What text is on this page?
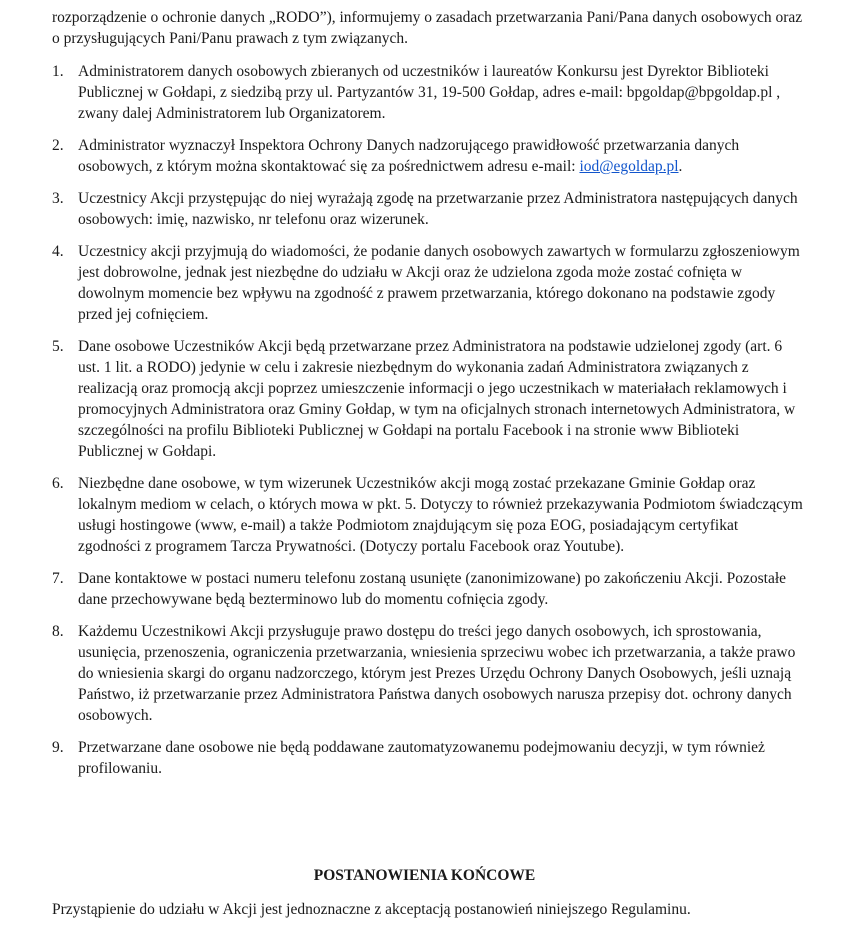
rozporządzenie o ochronie danych „RODO”), informujemy o zasadach przetwarzania Pani/Pana danych osobowych oraz o przysługujących Pani/Panu prawach z tym związanych.

1. Administratorem danych osobowych zbieranych od uczestników i laureatów Konkursu jest Dyrektor Biblioteki Publicznej w Gołdapi, z siedzibą przy ul. Partyzantów 31, 19-500 Gołdap, adres e-mail: bpgoldap@bpgoldap.pl , zwany dalej Administratorem lub Organizatorem.
2. Administrator wyznaczył Inspektora Ochrony Danych nadzorującego prawidłowość przetwarzania danych osobowych, z którym można skontaktować się za pośrednictwem adresu e-mail: iod@egoldap.pl.
3. Uczestnicy Akcji przystępując do niej wyrażają zgodę na przetwarzanie przez Administratora następujących danych osobowych: imię, nazwisko, nr telefonu oraz wizerunek.
4. Uczestnicy akcji przyjmują do wiadomości, że podanie danych osobowych zawartych w formularzu zgłoszeniowym jest dobrowolne, jednak jest niezbędne do udziału w Akcji oraz że udzielona zgoda może zostać cofnięta w dowolnym momencie bez wpływu na zgodność z prawem przetwarzania, którego dokonano na podstawie zgody przed jej cofnięciem.
5. Dane osobowe Uczestników Akcji będą przetwarzane przez Administratora na podstawie udzielonej zgody (art. 6 ust. 1 lit. a RODO) jedynie w celu i zakresie niezbędnym do wykonania zadań Administratora związanych z realizacją oraz promocją akcji poprzez umieszczenie informacji o jego uczestnikach w materiałach reklamowych i promocyjnych Administratora oraz Gminy Gołdap, w tym na oficjalnych stronach internetowych Administratora, w szczególności na profilu Biblioteki Publicznej w Gołdapi na portalu Facebook i na stronie www Biblioteki Publicznej w Gołdapi.
6. Niezbędne dane osobowe, w tym wizerunek Uczestników akcji mogą zostać przekazane Gminie Gołdap oraz lokalnym mediom w celach, o których mowa w pkt. 5. Dotyczy to również przekazywania Podmiotom świadczącym usługi hostingowe (www, e-mail) a także Podmiotom znajdującym się poza EOG, posiadającym certyfikat zgodności z programem Tarcza Prywatności. (Dotyczy portalu Facebook oraz Youtube).
7. Dane kontaktowe w postaci numeru telefonu zostaną usunięte (zanonimizowane) po zakończeniu Akcji. Pozostałe dane przechowywane będą bezterminowo lub do momentu cofnięcia zgody.
8. Każdemu Uczestnikowi Akcji przysługuje prawo dostępu do treści jego danych osobowych, ich sprostowania, usunięcia, przenoszenia, ograniczenia przetwarzania, wniesienia sprzeciwu wobec ich przetwarzania, a także prawo do wniesienia skargi do organu nadzorczego, którym jest Prezes Urzędu Ochrony Danych Osobowych, jeśli uznają Państwo, iż przetwarzanie przez Administratora Państwa danych osobowych narusza przepisy dot. ochrony danych osobowych.
9. Przetwarzane dane osobowe nie będą poddawane zautomatyzowanemu podejmowaniu decyzji, w tym również profilowaniu.
POSTANOWIENIA KOŃCOWE

Przystąpienie do udziału w Akcji jest jednoznaczne z akceptacją postanowień niniejszego Regulaminu.
